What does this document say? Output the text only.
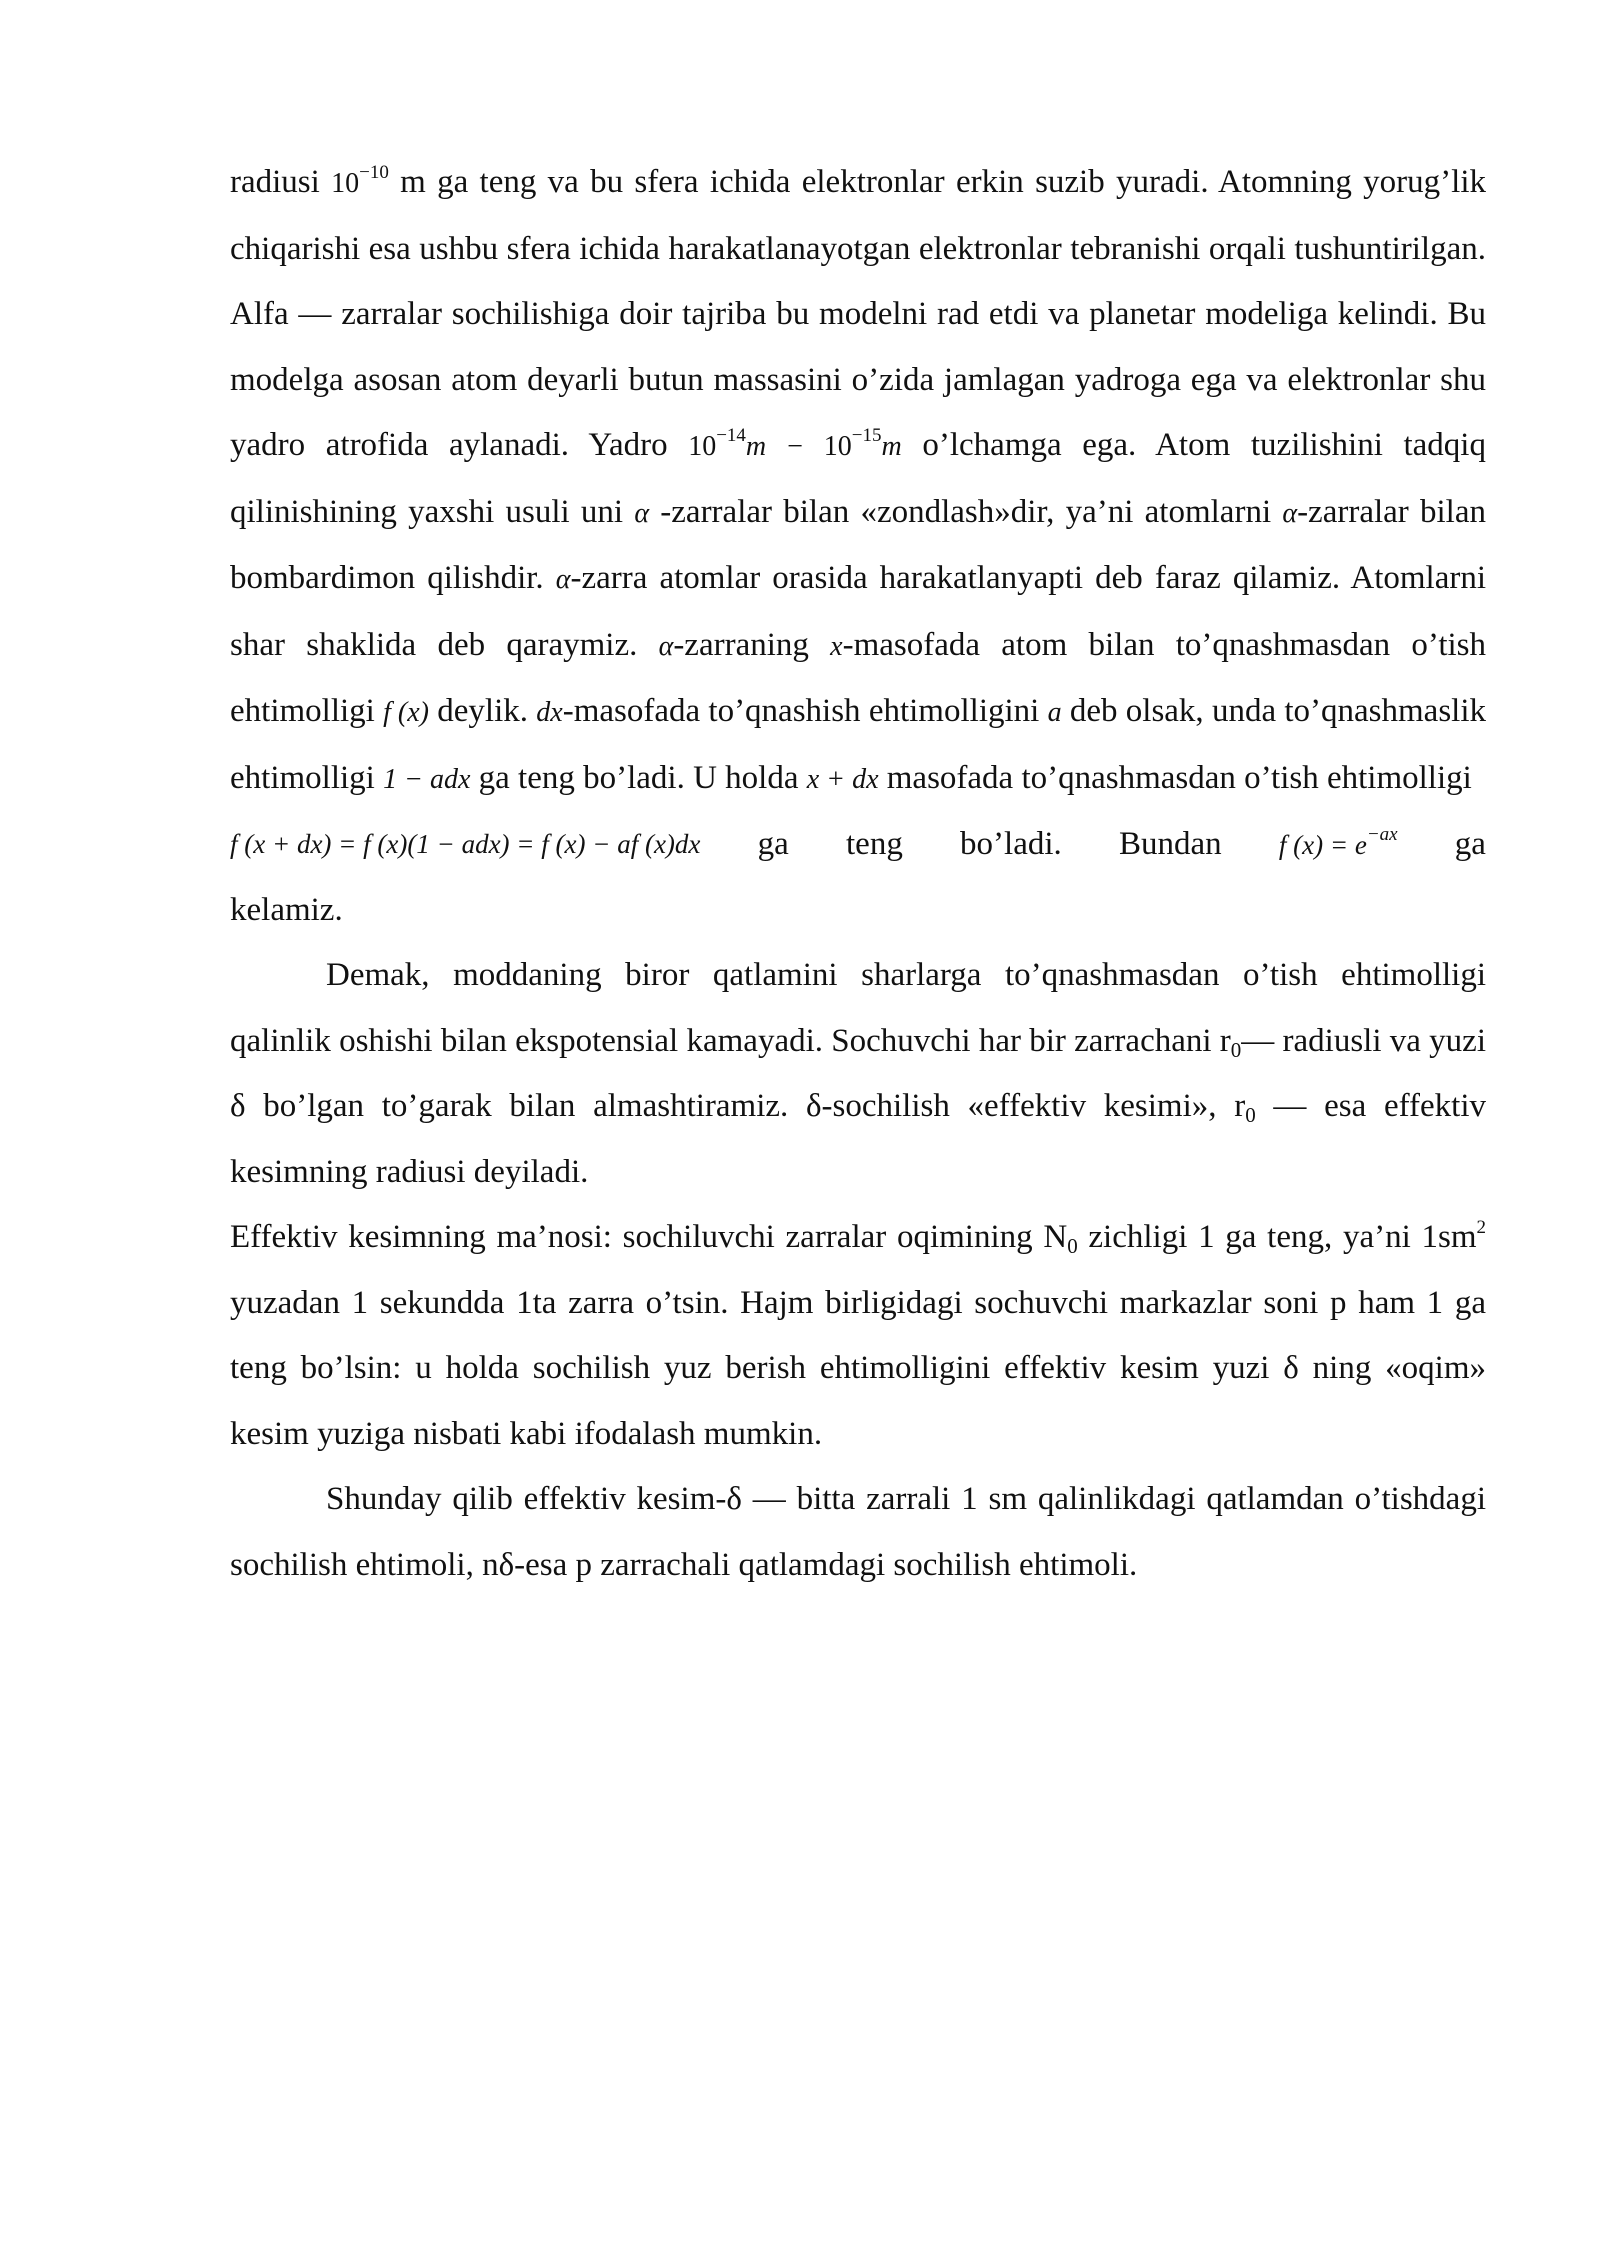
radiusi $10^{-10}$ m ga teng va bu sfera ichida elektronlar erkin suzib yuradi. Atomning yorug’lik chiqarishi esa ushbu sfera ichida harakatlanayotgan elektronlar tebranishi orqali tushuntirilgan. Alfa — zarralar sochilishiga doir tajriba bu modelni rad etdi va planetar modeliga kelindi. Bu modelga asosan atom deyarli butun massasini o’zida jamlagan yadroga ega va elektronlar shu yadro atrofida aylanadi. Yadro $10^{-14}m - 10^{-15}m$ o’lchamga ega. Atom tuzilishini tadqiq qilinishining yaxshi usuli uni α -zarralar bilan «zondlash»dir, ya’ni atomlarni α-zarralar bilan bombardimon qilishdir. α-zarra atomlar orasida harakatlanyapti deb faraz qilamiz. Atomlarni shar shaklida deb qaraymiz. α-zarraning x-masofada atom bilan to’qnashmasdan o’tish ehtimolligi f (x) deylik. dx-masofada to’qnashish ehtimolligini a deb olsak, unda to’qnashmaslik ehtimolligi 1 − adx ga teng bo’ladi. U holda x + dx masofada to’qnashmasdan o’tish ehtimolligi

f (x + dx) = f (x)(1 − adx) = f (x) − af (x)dx ga teng bo’ladi. Bundan f $(x) = e^{-ax}$ ga

kelamiz.

Demak, moddaning biror qatlamini sharlarga to’qnashmasdan o’tish ehtimolligi qalinlik oshishi bilan ekspotensial kamayadi. Sochuvchi har bir zarrachani $r_0—$ radiusli va yuzi δ bo’lgan to’garak bilan almashtiramiz. δ-sochilish «effektiv kesimi», $r_0$ — esa effektiv kesimning radiusi deyiladi.

Effektiv kesimning ma’nosi: sochiluvchi zarralar oqimining $N_0$ zichligi 1 ga teng, ya’ni $1sm^2$ yuzadan 1 sekundda 1ta zarra o’tsin. Hajm birligidagi sochuvchi markazlar soni p ham 1 ga teng bo’lsin: u holda sochilish yuz berish ehtimolligini effektiv kesim yuzi δ ning «oqim» kesim yuziga nisbati kabi ifodalash mumkin.

Shunday qilib effektiv kesim-δ — bitta zarrali 1 sm qalinlikdagi qatlamdan o’tishdagi sochilish ehtimoli, nδ-esa p zarrachali qatlamdagi sochilish ehtimoli.
